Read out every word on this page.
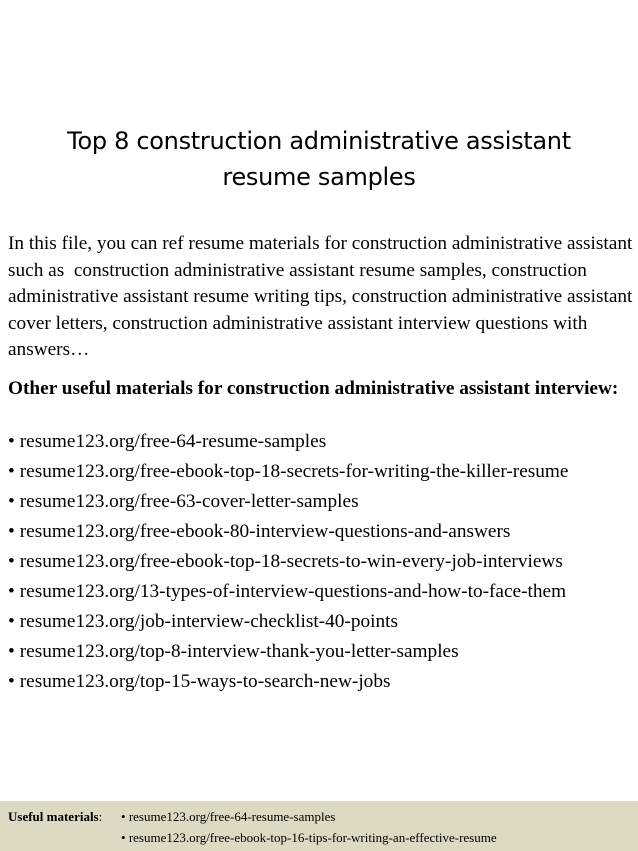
Top 8 construction administrative assistant resume samples

In this file, you can ref resume materials for construction administrative assistant such as  construction administrative assistant resume samples, construction administrative assistant resume writing tips, construction administrative assistant cover letters, construction administrative assistant interview questions with answers…

Other useful materials for construction administrative assistant interview:
• resume123.org/free-64-resume-samples
• resume123.org/free-ebook-top-18-secrets-for-writing-the-killer-resume
• resume123.org/free-63-cover-letter-samples
• resume123.org/free-ebook-80-interview-questions-and-answers
• resume123.org/free-ebook-top-18-secrets-to-win-every-job-interviews
• resume123.org/13-types-of-interview-questions-and-how-to-face-them
• resume123.org/job-interview-checklist-40-points
• resume123.org/top-8-interview-thank-you-letter-samples
• resume123.org/top-15-ways-to-search-new-jobs
Useful materials: • resume123.org/free-64-resume-samples
• resume123.org/free-ebook-top-16-tips-for-writing-an-effective-resume
